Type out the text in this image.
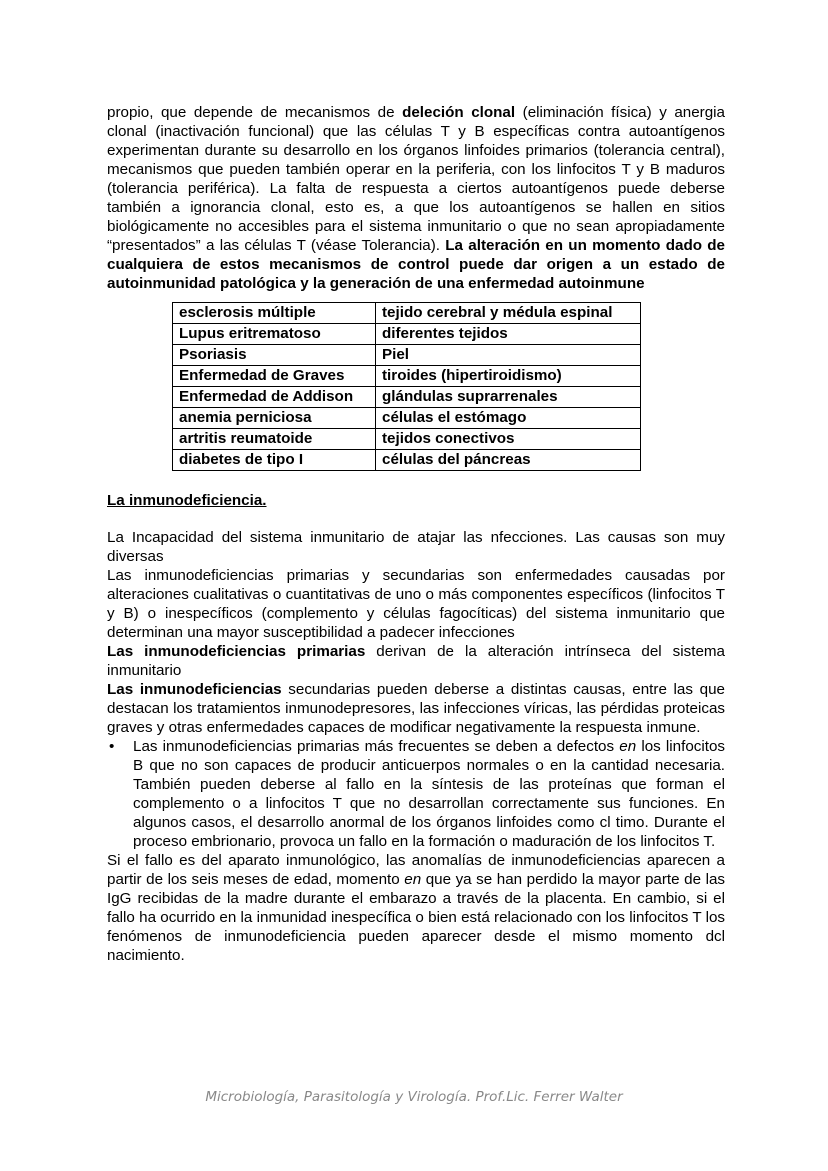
propio, que depende de mecanismos de deleción clonal (eliminación física) y anergia clonal (inactivación funcional) que las células T y B específicas contra autoantígenos experimentan durante su desarrollo en los órganos linfoides primarios (tolerancia central), mecanismos que pueden también operar en la periferia, con los linfocitos T y B maduros (tolerancia periférica). La falta de respuesta a ciertos autoantígenos puede deberse también a ignorancia clonal, esto es, a que los autoantígenos se hallen en sitios biológicamente no accesibles para el sistema inmunitario o que no sean apropiadamente “presentados” a las células T (véase Tolerancia). La alteración en un momento dado de cualquiera de estos mecanismos de control puede dar origen a un estado de autoinmunidad patológica y la generación de una enfermedad autoinmune

esclerosis múltiple	tejido cerebral y médula espinal
Lupus eritrematoso	diferentes tejidos
Psoriasis	Piel
Enfermedad de Graves	tiroides (hipertiroidismo)
Enfermedad de Addison	glándulas suprarrenales
anemia perniciosa	células el estómago
artritis reumatoide	tejidos conectivos
diabetes de tipo I	células del páncreas
La inmunodeficiencia.

La Incapacidad del sistema inmunitario de atajar las nfecciones. Las causas son muy diversas

Las inmunodeficiencias primarias y secundarias son enfermedades causadas por alteraciones cualitativas o cuantitativas de uno o más componentes específicos (linfocitos T y B) o inespecíficos (complemento y células fagocíticas) del sistema inmunitario que determinan una mayor susceptibilidad a padecer infecciones

Las inmunodeficiencias primarias derivan de la alteración intrínseca del sistema inmunitario

Las inmunodeficiencias secundarias pueden deberse a distintas causas, entre las que destacan los tratamientos inmunodepresores, las infecciones víricas, las pérdidas proteicas graves y otras enfermedades capaces de modificar negativamente la respuesta inmune.

• Las inmunodeficiencias primarias más frecuentes se deben a defectos en los linfocitos B que no son capaces de producir anticuerpos normales o en la cantidad necesaria. También pueden deberse al fallo en la síntesis de las proteínas que forman el complemento o a linfocitos T que no desarrollan correctamente sus funciones. En algunos casos, el desarrollo anormal de los órganos linfoides como cl timo. Durante el proceso embrionario, provoca un fallo en la formación o maduración de los linfocitos T.

Si el fallo es del aparato inmunológico, las anomalías de inmunodeficiencias aparecen a partir de los seis meses de edad, momento en que ya se han perdido la mayor parte de las IgG recibidas de la madre durante el embarazo a través de la placenta. En cambio, si el fallo ha ocurrido en la inmunidad inespecífica o bien está relacionado con los linfocitos T los fenómenos de inmunodeficiencia pueden aparecer desde el mismo momento dcl nacimiento.

Microbiología, Parasitología y Virología. Prof.Lic. Ferrer Walter
